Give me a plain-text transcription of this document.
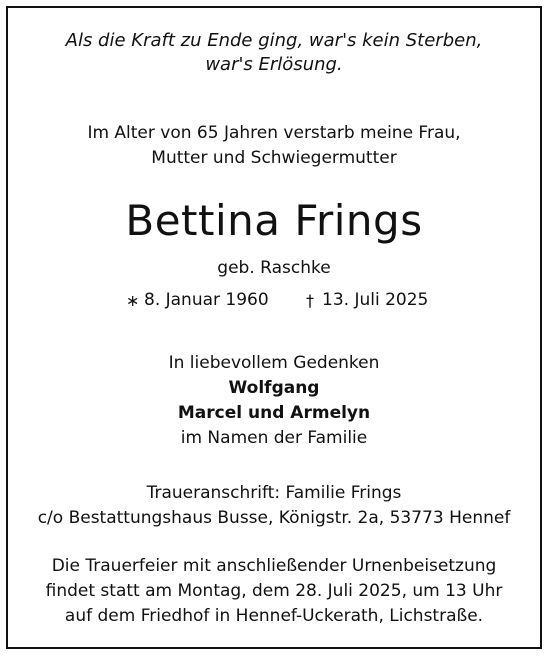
Als die Kraft zu Ende ging, war's kein Sterben,
war's Erlösung.
Im Alter von 65 Jahren verstarb meine Frau,
Mutter und Schwiegermutter
Bettina Frings
geb. Raschke
∗ 8. Januar 1960 † 13. Juli 2025
In liebevollem Gedenken
Wolfgang
Marcel und Armelyn
im Namen der Familie
Traueranschrift: Familie Frings
c/o Bestattungshaus Busse, Königstr. 2a, 53773 Hennef
Die Trauerfeier mit anschließender Urnenbeisetzung
findet statt am Montag, dem 28. Juli 2025, um 13 Uhr
auf dem Friedhof in Hennef-Uckerath, Lichstraße.
